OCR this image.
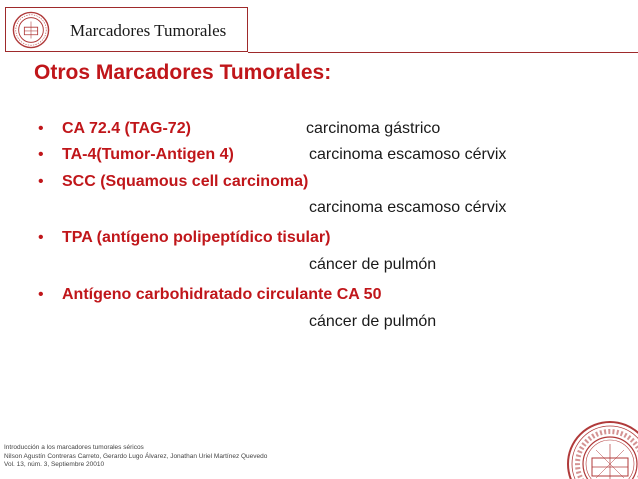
Marcadores Tumorales
Otros Marcadores Tumorales:
• CA 72.4 (TAG-72)	carcinoma gástrico
• TA-4(Tumor-Antigen 4)	carcinoma escamoso cérvix
• SCC (Squamous cell carcinoma)
carcinoma escamoso cérvix
• TPA (antígeno polipeptídico tisular)
cáncer de pulmón
• Antígeno carbohidratado circulante CA 50
cáncer de pulmón
Introducción a los marcadores tumorales séricos
Nilson Agustín Contreras Carreto, Gerardo Lugo Álvarez, Jonathan Uriel Martínez Quevedo
Vol. 13, núm. 3, Septiembre 20010
